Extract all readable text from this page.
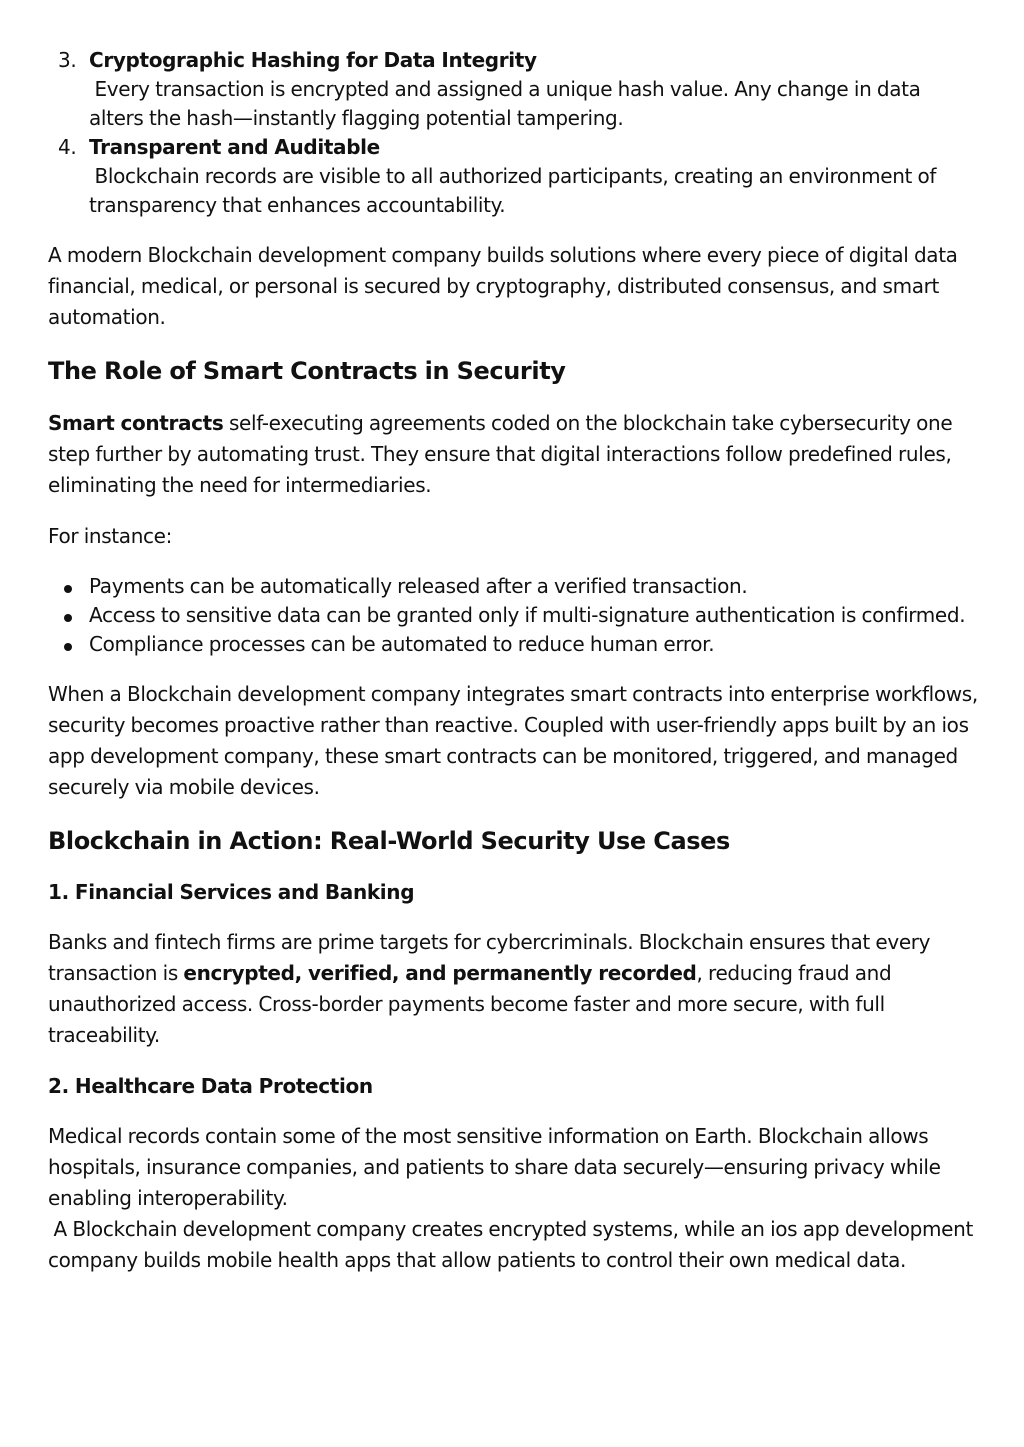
3. Cryptographic Hashing for Data Integrity
Every transaction is encrypted and assigned a unique hash value. Any change in data alters the hash—instantly flagging potential tampering.
4. Transparent and Auditable
Blockchain records are visible to all authorized participants, creating an environment of transparency that enhances accountability.

A modern Blockchain development company builds solutions where every piece of digital data financial, medical, or personal is secured by cryptography, distributed consensus, and smart automation.

The Role of Smart Contracts in Security

Smart contracts self-executing agreements coded on the blockchain take cybersecurity one step further by automating trust. They ensure that digital interactions follow predefined rules, eliminating the need for intermediaries.

For instance:

Payments can be automatically released after a verified transaction.
Access to sensitive data can be granted only if multi-signature authentication is confirmed.
Compliance processes can be automated to reduce human error.

When a Blockchain development company integrates smart contracts into enterprise workflows, security becomes proactive rather than reactive. Coupled with user-friendly apps built by an ios app development company, these smart contracts can be monitored, triggered, and managed securely via mobile devices.

Blockchain in Action: Real-World Security Use Cases
1. Financial Services and Banking

Banks and fintech firms are prime targets for cybercriminals. Blockchain ensures that every transaction is encrypted, verified, and permanently recorded, reducing fraud and unauthorized access. Cross-border payments become faster and more secure, with full traceability.

2. Healthcare Data Protection

Medical records contain some of the most sensitive information on Earth. Blockchain allows hospitals, insurance companies, and patients to share data securely—ensuring privacy while enabling interoperability.
A Blockchain development company creates encrypted systems, while an ios app development company builds mobile health apps that allow patients to control their own medical data.
